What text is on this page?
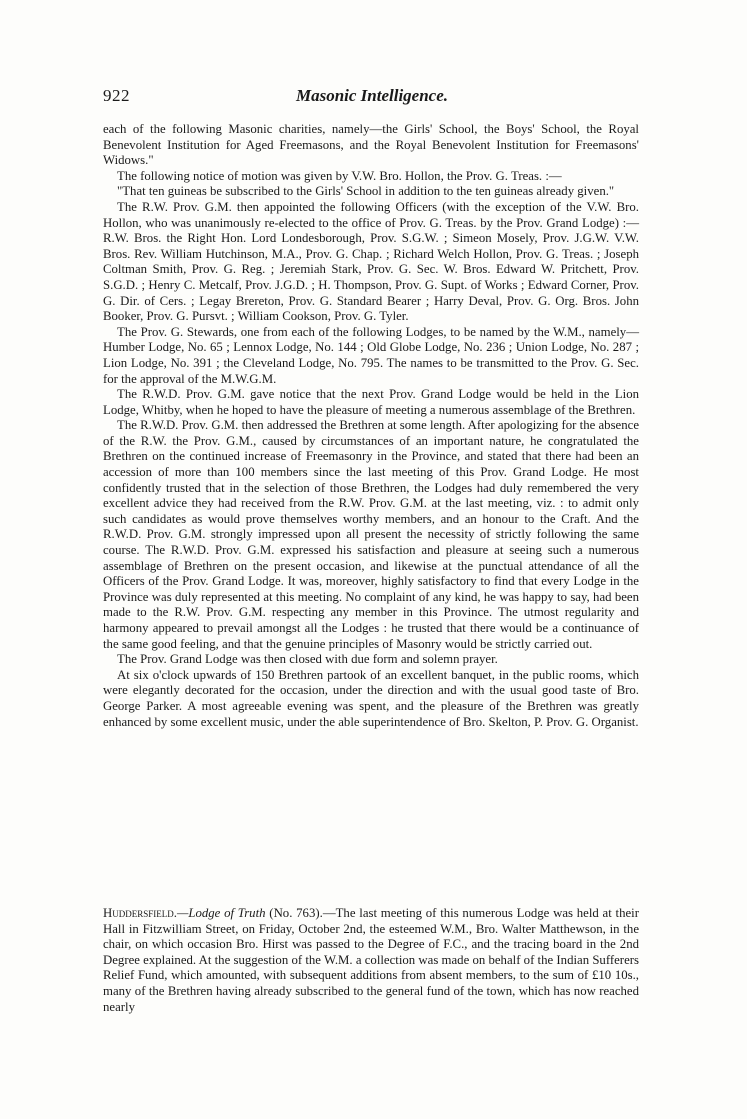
922	Masonic Intelligence.

each of the following Masonic charities, namely—the Girls' School, the Boys' School, the Royal Benevolent Institution for Aged Freemasons, and the Royal Benevolent Institution for Freemasons' Widows."

The following notice of motion was given by V.W. Bro. Hollon, the Prov. G. Treas. :—

"That ten guineas be subscribed to the Girls' School in addition to the ten guineas already given."

The R.W. Prov. G.M. then appointed the following Officers (with the exception of the V.W. Bro. Hollon, who was unanimously re-elected to the office of Prov. G. Treas. by the Prov. Grand Lodge) :—R.W. Bros. the Right Hon. Lord Londesborough, Prov. S.G.W. ; Simeon Mosely, Prov. J.G.W. V.W. Bros. Rev. William Hutchinson, M.A., Prov. G. Chap. ; Richard Welch Hollon, Prov. G. Treas. ; Joseph Coltman Smith, Prov. G. Reg. ; Jeremiah Stark, Prov. G. Sec. W. Bros. Edward W. Pritchett, Prov. S.G.D. ; Henry C. Metcalf, Prov. J.G.D. ; H. Thompson, Prov. G. Supt. of Works ; Edward Corner, Prov. G. Dir. of Cers. ; Legay Brereton, Prov. G. Standard Bearer ; Harry Deval, Prov. G. Org. Bros. John Booker, Prov. G. Pursvt. ; William Cookson, Prov. G. Tyler.

The Prov. G. Stewards, one from each of the following Lodges, to be named by the W.M., namely—Humber Lodge, No. 65 ; Lennox Lodge, No. 144 ; Old Globe Lodge, No. 236 ; Union Lodge, No. 287 ; Lion Lodge, No. 391 ; the Cleveland Lodge, No. 795. The names to be transmitted to the Prov. G. Sec. for the approval of the M.W.G.M.

The R.W.D. Prov. G.M. gave notice that the next Prov. Grand Lodge would be held in the Lion Lodge, Whitby, when he hoped to have the pleasure of meeting a numerous assemblage of the Brethren.

The R.W.D. Prov. G.M. then addressed the Brethren at some length. After apologizing for the absence of the R.W. the Prov. G.M., caused by circumstances of an important nature, he congratulated the Brethren on the continued increase of Freemasonry in the Province, and stated that there had been an accession of more than 100 members since the last meeting of this Prov. Grand Lodge. He most confidently trusted that in the selection of those Brethren, the Lodges had duly remembered the very excellent advice they had received from the R.W. Prov. G.M. at the last meeting, viz. : to admit only such candidates as would prove themselves worthy members, and an honour to the Craft. And the R.W.D. Prov. G.M. strongly impressed upon all present the necessity of strictly following the same course. The R.W.D. Prov. G.M. expressed his satisfaction and pleasure at seeing such a numerous assemblage of Brethren on the present occasion, and likewise at the punctual attendance of all the Officers of the Prov. Grand Lodge. It was, moreover, highly satisfactory to find that every Lodge in the Province was duly represented at this meeting. No complaint of any kind, he was happy to say, had been made to the R.W. Prov. G.M. respecting any member in this Province. The utmost regularity and harmony appeared to prevail amongst all the Lodges : he trusted that there would be a continuance of the same good feeling, and that the genuine principles of Masonry would be strictly carried out.

The Prov. Grand Lodge was then closed with due form and solemn prayer.

At six o'clock upwards of 150 Brethren partook of an excellent banquet, in the public rooms, which were elegantly decorated for the occasion, under the direction and with the usual good taste of Bro. George Parker. A most agreeable evening was spent, and the pleasure of the Brethren was greatly enhanced by some excellent music, under the able superintendence of Bro. Skelton, P. Prov. G. Organist.

Huddersfield.—Lodge of Truth (No. 763).—The last meeting of this numerous Lodge was held at their Hall in Fitzwilliam Street, on Friday, October 2nd, the esteemed W.M., Bro. Walter Matthewson, in the chair, on which occasion Bro. Hirst was passed to the Degree of F.C., and the tracing board in the 2nd Degree explained. At the suggestion of the W.M. a collection was made on behalf of the Indian Sufferers Relief Fund, which amounted, with subsequent additions from absent members, to the sum of £10 10s., many of the Brethren having already subscribed to the general fund of the town, which has now reached nearly
